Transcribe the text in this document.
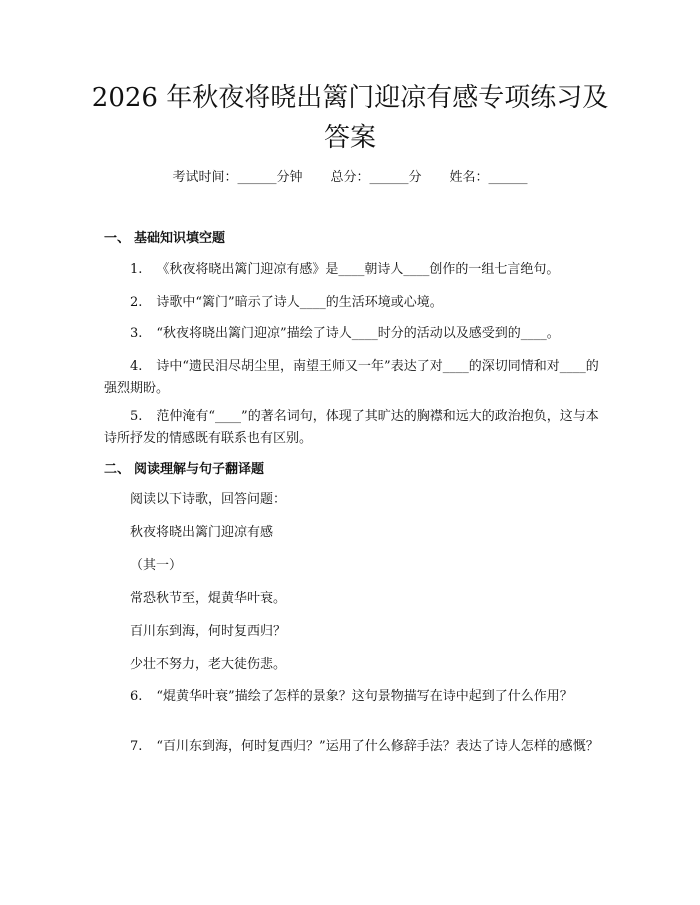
2026 年秋夜将晓出篱门迎凉有感专项练习及
答案
考试时间：______分钟 总分：______分 姓名：______
一、 基础知识填空题
1. 《秋夜将晓出篱门迎凉有感》是____朝诗人____创作的一组七言绝句。
2. 诗歌中“篱门”暗示了诗人____的生活环境或心境。
3. “秋夜将晓出篱门迎凉”描绘了诗人____时分的活动以及感受到的____。
4. 诗中“遗民泪尽胡尘里，南望王师又一年”表达了对____的深切同情和对____的强烈期盼。
5. 范仲淹有“____”的著名词句，体现了其旷达的胸襟和远大的政治抱负，这与本诗所抒发的情感既有联系也有区别。
二、 阅读理解与句子翻译题
阅读以下诗歌，回答问题：
秋夜将晓出篱门迎凉有感
（其一）
常恐秋节至，焜黄华叶衰。
百川东到海，何时复西归？
少壮不努力，老大徒伤悲。
6. “焜黄华叶衰”描绘了怎样的景象？这句景物描写在诗中起到了什么作用？
7. “百川东到海，何时复西归？”运用了什么修辞手法？表达了诗人怎样的感慨？
